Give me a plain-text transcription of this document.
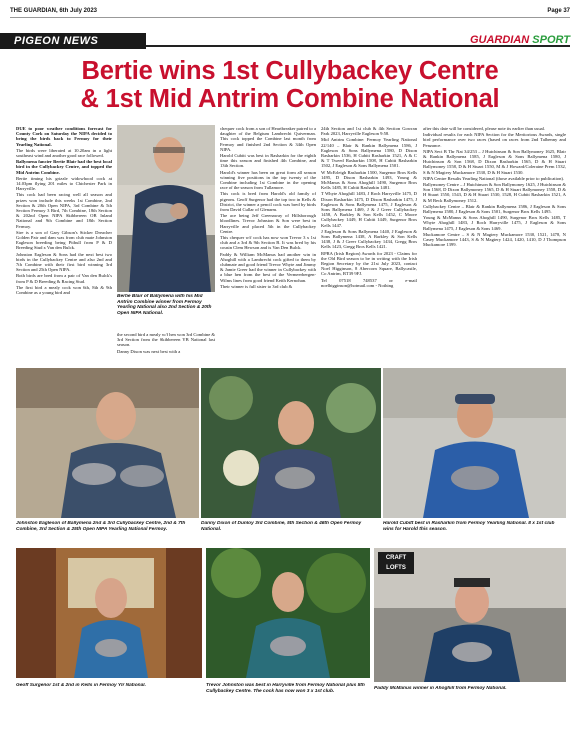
THE GUARDIAN, 6th July 2023	Page 37
PIGEON NEWS	GUARDIAN SPORT
Bertie wins 1st Cullybackey Centre
& 1st Mid Antrim Combine National

DUE to poor weather conditions forecast for County Cork on Saturday the NIPA decided to bring the birds back to Fermoy for their Yearling National.

The birds were liberated at 10.20am in a light southeast wind and another good race followed.

Ballymena fancier Bertie Blair had the best local bird in the Cullybackey Centre, and topped the Mid Antrim Combine.

Bertie timing his grizzle widowhood cock at 14.03pm flying 201 miles to Chichester Park in Harryville.

This cock had been racing well all season and prizes won include this weeks 1st Combine, 2nd Section & 20th Open NIPA, 3rd Combine & 5th Section Fermoy 3 Bird, 7th Combine, 18th Section & 202nd Open NIPA Skibbereen OB Inland National and 9th Combine and 18th Section Fermoy.

Sire is a son of Gary Gibson's Sticker Dreacher Golden Pair and dam was from club mate Johnston Eagleson breeding being Pitbull from P & D Breeding Stud x Van den Bulck.

Johnston Eagleson & Sons had the next best two birds in the Cullybackey Centre and also 2nd and 7th Combine with their first bird winning 3rd Section and 25th Open NIPA.

Both birds are bred from a pair of Van den Bulck's from P & D Breeding & Racing Stud.

The first bird a mealy cock won 6th, 8th & 9th Combine as a young bird and

Bertie Blair of Ballymena with his Mid Antrim Combine winner from Fermoy Yearling National also 2nd Section & 20th Open NIPA National.

the second bird a mealy w/f hen won 3rd Combine & 3rd Section from the Skibbereen YB National last season.

Danny Dixon was next best with a

chequer cock from a son of Heartbreaker paired to a daughter of the Belgium Lambrecht Quiverman. This cock topped the Combine last month from Fermoy and finished 2nd Section & 34th Open NIPA.

Harold Cubitt was best in Rasharkin for the eighth time this season and finished 4th Combine, and 13th Section.

Harold's winner has been on great form all season winning five positions in the top twenty of the Combine including 1st Combine in the opening race of the season from Tullamore.

This cock is bred from Harold's old family of pigeons. Geoff Surgenor had the top two in Kells & District, the winner a pencil cock was bred by birds from David Cullar of Glenarm.

The ace being Jeff Greenaway of Hillsborough bloodlines. Trevor Johnston & Son were best in Harryville and placed 5th in the Cullybackey Centre.

This chequer w/f cock has now won Trevor 3 x 1st club and a 3rd & 9th Section B. It was bred by his cousin Clem Hewson and is Van Den Bulck.

Paddy & William McManus had another win in Ahoghill with a Lambrecht cock gifted to them by clubmate and good friend Trevor Whyte and Jimmy & Jamie Greer had the winner in Cullybackey with a blue hen from the best of the Vermeerbergen-Wilms lines from good friend Keith Kernohan.

Their winner is full sister to 3rd club &

24th Section and 1st club & 4th Section Gowran Park 2023, Harryville Eagleson 9:58.

Mid Antrim Combine: Fermoy Yearling National 22/140 – Blair & Rankin Ballymena 1586, J Eagleson & Sons Ballymena 1580, D Dixon Rasharkin 1536, H Cubitt Rasharkin 1521, A & C & T Tweed Rasharkin 1508, H Cubitt Rasharkin 1502, J Eagleson & Sons Ballymena 1501.

W McErleigh Rasharkin 1500, Surgenor Bros Kells 1495, D Dixon Rasharkin 1493, Young & McManus & Sons Ahoghill 1490, Surgenor Bros Kells 1485, H Cubitt Rasharkin 1481.

T Whyte Ahoghill 1483, J Roch Harryville 1475, D Dixon Rasharkin 1475, D Dixon Rasharkin 1475, J Eagleson & Sons Ballymena 1475, J Eagleson & Sons Ballymena 1469, J & J Greer Cullybackey 1458, A Barkley & Son Kells 1452, C Moore Cullybackey 1449, H Cubitt 1449, Surgenor Bros Kells 1447.

J Eagleson & Sons Ballymena 1440, J Eagleson & Sons Ballymena 1438, A Barkley & Son Kells 1438, J & J Greer Cullybackey 1434, Gregg Bros Kells 1423, Gregg Bros Kells 1421.

RPRA (Irish Region) Awards for 2023 - Claims for the Old Bird season to be in writing with the Irish Region Secretary by the 21st July 2023, contact Noel Higginson, 8 Abercorn Square, Ballycastle, Co Antrim, BT39 9FJ.

Tel 07518 748537 or e-mail noelhigginson@hotmail.com - Nothing

after this date will be considered, please note its earlier than usual.

Individual results for each NIPA Section for the Meritorious Awards, single bird performance over two races (based on races from 2nd Talbenny and Penzance.

NIPA Sect B Thr Nat 34/253 – J Hutchinson & Son Ballymoney 1625, Blair & Rankin Ballymena 1585, J Eagleson & Sons Ballymena 1580, J Hutchinson & Son 1568, D Dixon Rasharkin 1565, D & H Stuart Ballymoney 1558, D & H Stuart 1550, M & J Howard/Coleraine Prem 1532, S & N Magiery Muckamore 1530, D & H Stuart 1530.

NIPA Centre Results Yearling National (those available prior to publication).

Ballymoney Centre – J Hutchinson & Son Ballymoney 1625, J Hutchinson & Son 1568, D Dixon Ballymoney 1565, D & H Stuart Ballymoney 1558, D & H Stuart 1550, 1543, D & H Stuart 1530, 1528, H Cubitt Rasharkin 1521, A & M Beck Ballymoney 1512.

Cullybackey Centre – Blair & Rankin Ballymena 1586, J Eagleson & Sons Ballymena 1580, J Eagleson & Sons 1501, Surgenor Bros Kells 1495.

Young & McManus & Sons Ahoghill 1490, Surgenor Bros Kells 1485, T Whyte Ahoghill 1483, J Roch Harryville 1475, J Eagleson & Sons Ballymena 1475, J Eagleson & Sons 1469.

Muckamore Centre – S & N Magiery Muckamore 1530, 1521, 1478, N Casey Muckamore 1443, S & N Magiery 1424, 1420, 1410, D J Thompson Muckamore 1399.

Johnston Eagleson of Ballymena 2nd & 3rd Cullybackey Centre, 2nd & 7th Combine, 3rd Section & 25th Open NIPA Yearling National Fermoy.
Danny Dixon of Dunloy 3rd Combine, 5th Section & 46th Open Fermoy National.
Harold Cubitt best in Rasharkin from Fermoy Yearling National. 8 x 1st club wins for Harold this season.
CRAFT
LOFTS
Geoff Surgenor 1st & 2nd in Kells in Fermoy Ylr National.	Trevor Johnston was best in Harryville from Fermoy National plus 5th Cullybackey Centre. The cock has now won 3 x 1st club.
Paddy McManus winner in Ahoghill from Fermoy National.
